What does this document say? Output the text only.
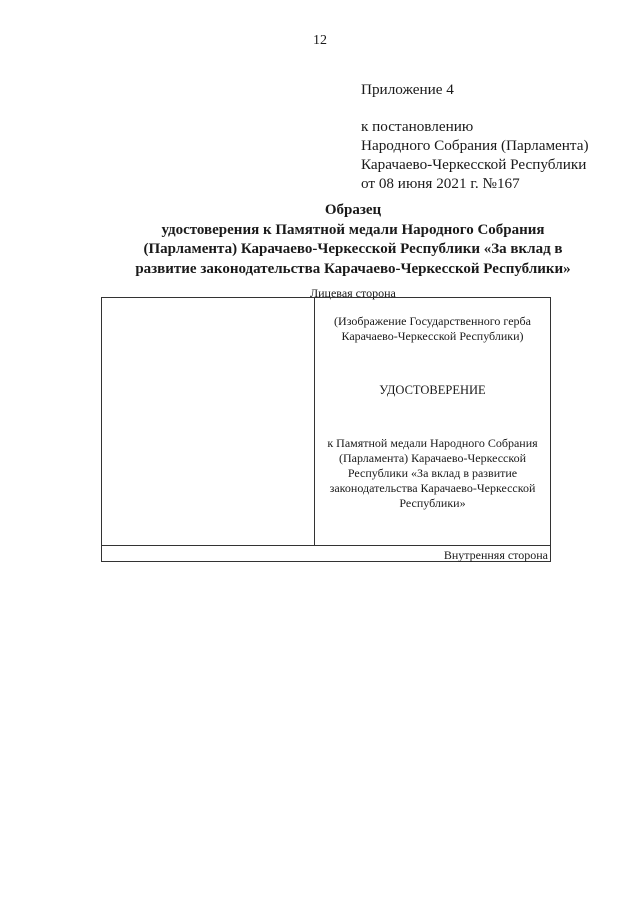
12
Приложение 4
к постановлению
Народного Собрания (Парламента)
Карачаево-Черкесской Республики
от 08 июня 2021 г. №167
Образец
удостоверения к Памятной медали Народного Собрания
(Парламента) Карачаево-Черкесской Республики «За вклад в
развитие законодательства Карачаево-Черкесской Республики»
Лицевая сторона
(Изображение Государственного герба
Карачаево-Черкесской Республики)
УДОСТОВЕРЕНИЕ
к Памятной медали Народного Собрания
(Парламента) Карачаево-Черкесской
Республики «За вклад в развитие
законодательства Карачаево-Черкесской
Республики»
Внутренняя сторона
